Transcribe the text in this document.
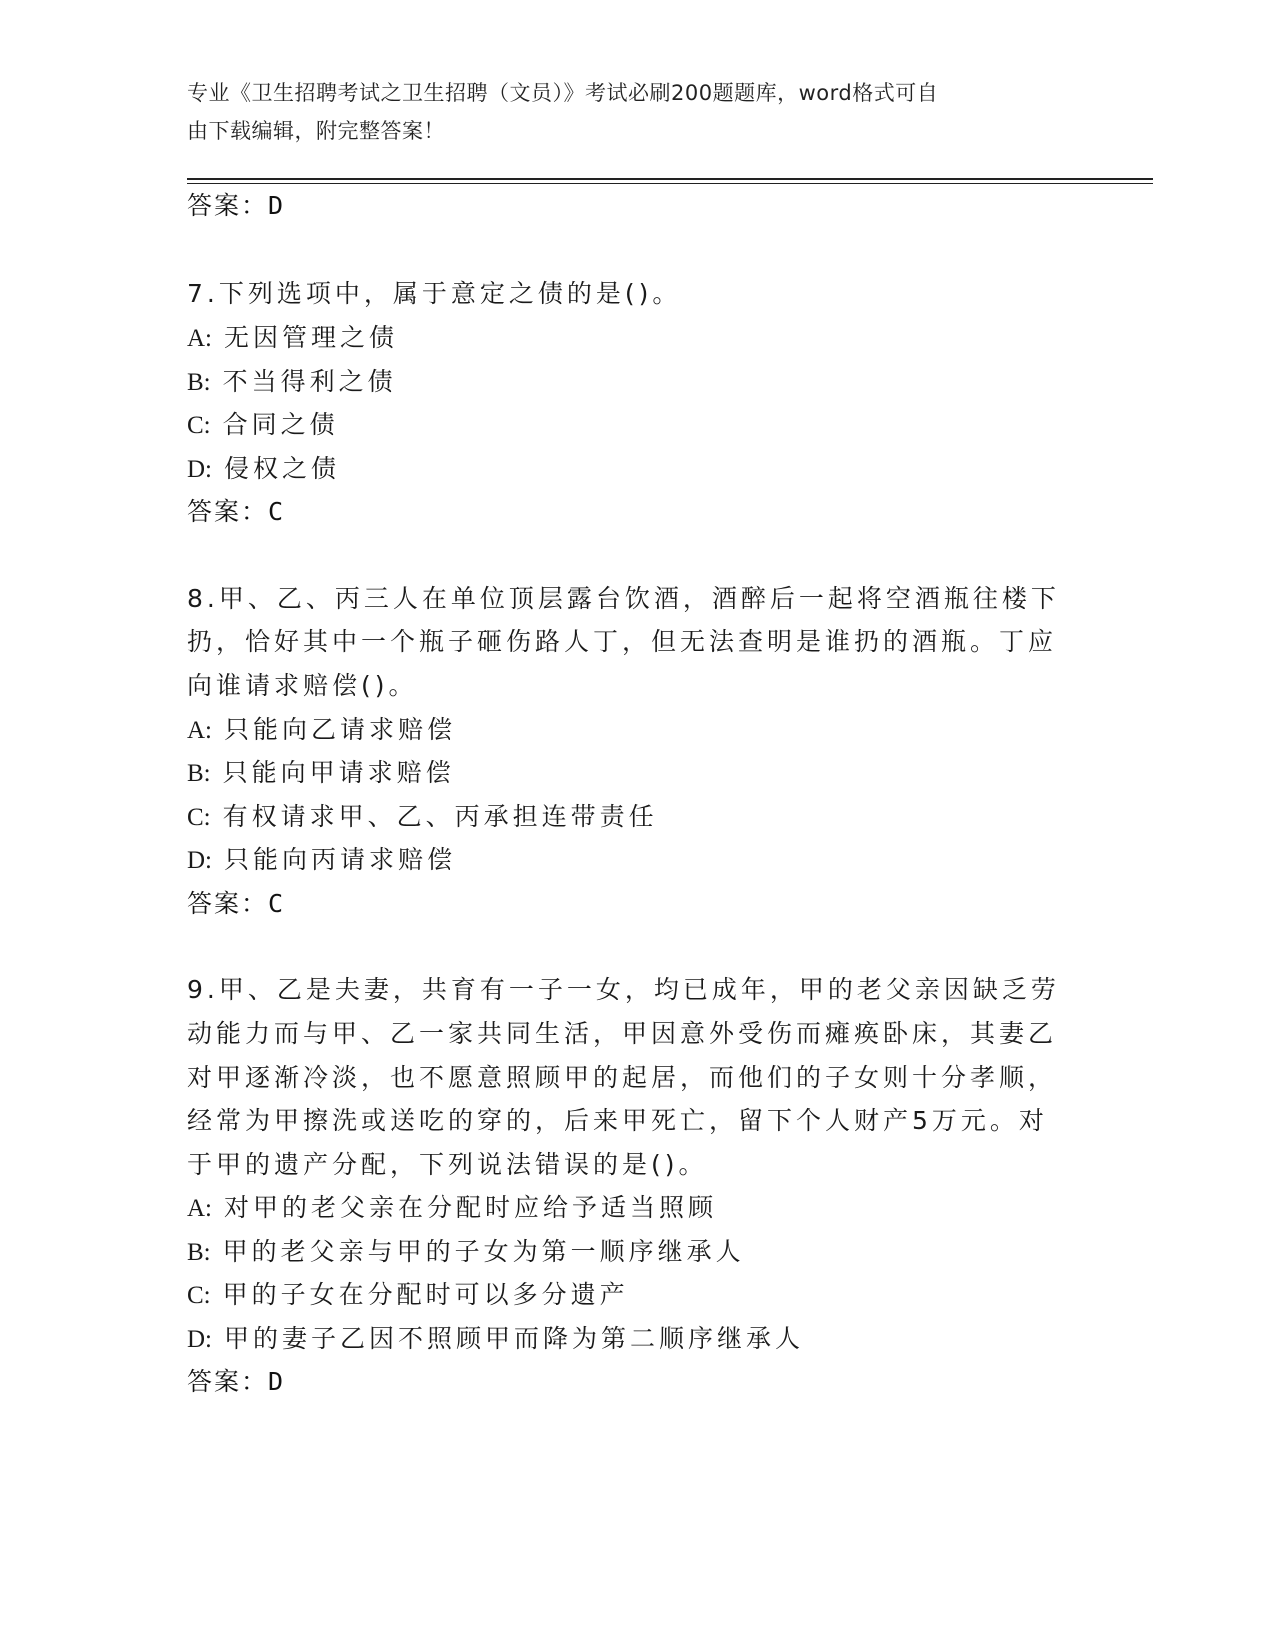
专业《卫生招聘考试之卫生招聘（文员）》考试必刷200题题库，word格式可自
由下载编辑，附完整答案！
答案：D
7.下列选项中，属于意定之债的是()。
A: 无因管理之债
B: 不当得利之债
C: 合同之债
D: 侵权之债
答案：C
8.甲、乙、丙三人在单位顶层露台饮酒，酒醉后一起将空酒瓶往楼下
扔，恰好其中一个瓶子砸伤路人丁，但无法查明是谁扔的酒瓶。丁应
向谁请求赔偿()。
A: 只能向乙请求赔偿
B: 只能向甲请求赔偿
C: 有权请求甲、乙、丙承担连带责任
D: 只能向丙请求赔偿
答案：C
9.甲、乙是夫妻，共育有一子一女，均已成年，甲的老父亲因缺乏劳
动能力而与甲、乙一家共同生活，甲因意外受伤而瘫痪卧床，其妻乙
对甲逐渐冷淡，也不愿意照顾甲的起居，而他们的子女则十分孝顺，
经常为甲擦洗或送吃的穿的，后来甲死亡，留下个人财产5万元。对
于甲的遗产分配，下列说法错误的是()。
A: 对甲的老父亲在分配时应给予适当照顾
B: 甲的老父亲与甲的子女为第一顺序继承人
C: 甲的子女在分配时可以多分遗产
D: 甲的妻子乙因不照顾甲而降为第二顺序继承人
答案：D
